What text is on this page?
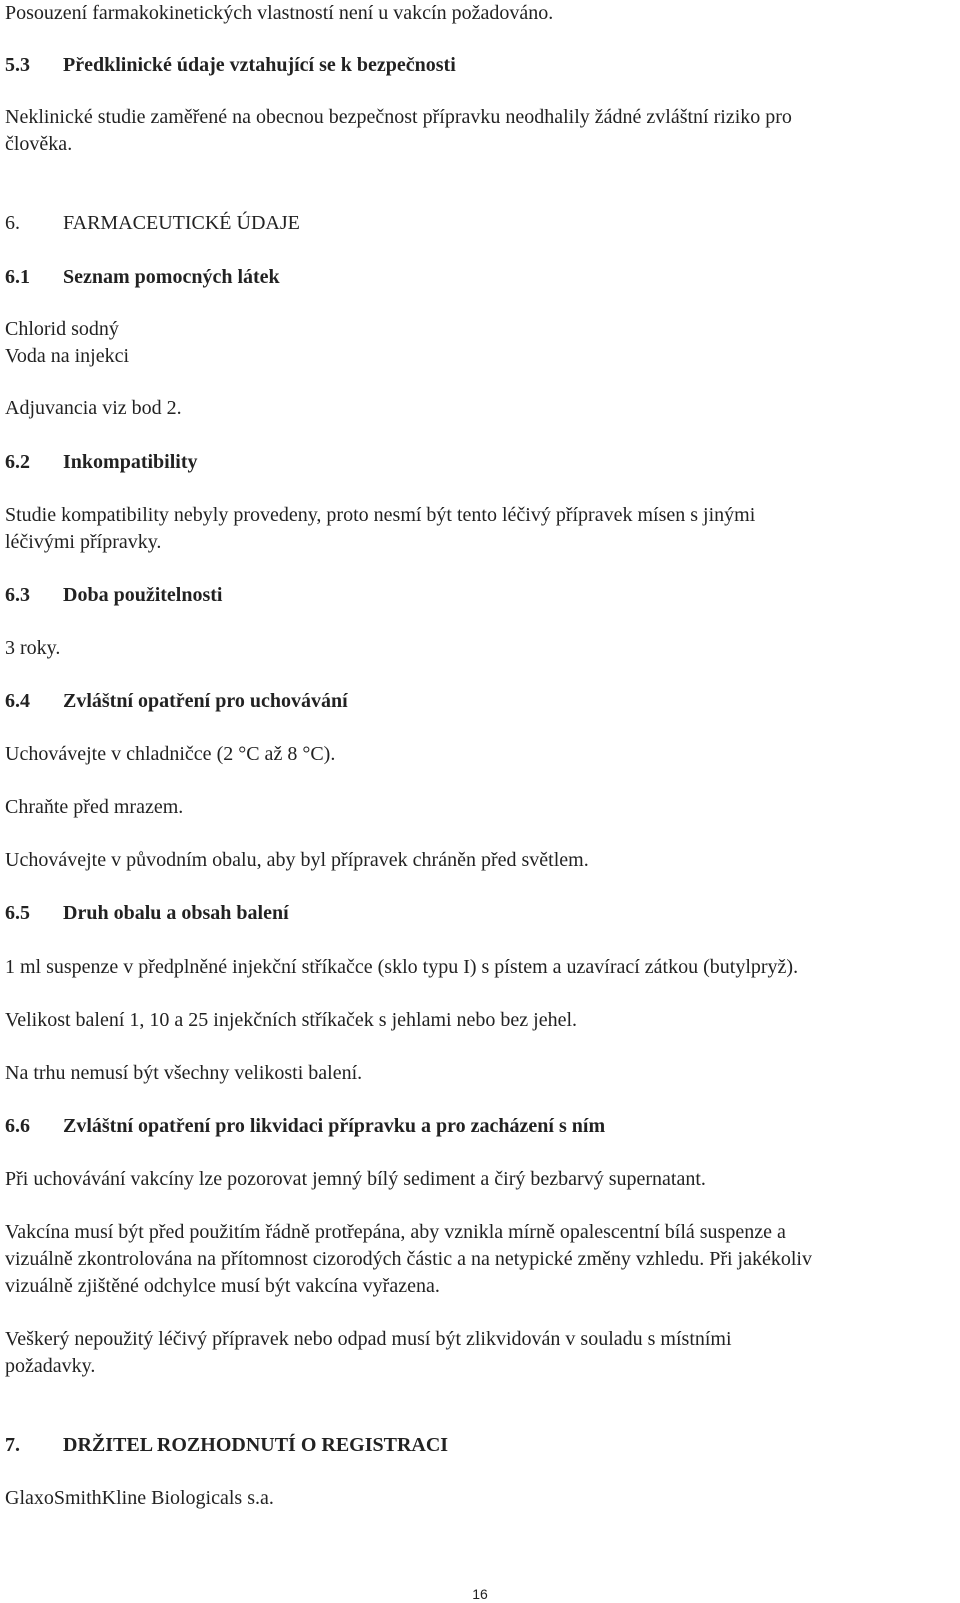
Posouzení farmakokinetických vlastností není u vakcín požadováno.
5.3 Předklinické údaje vztahující se k bezpečnosti
Neklinické studie zaměřené na obecnou bezpečnost přípravku neodhalily žádné zvláštní riziko pro
člověka.
6. FARMACEUTICKÉ ÚDAJE
6.1 Seznam pomocných látek
Chlorid sodný
Voda na injekci
Adjuvancia viz bod 2.
6.2 Inkompatibility
Studie kompatibility nebyly provedeny, proto nesmí být tento léčivý přípravek mísen s jinými
léčivými přípravky.
6.3 Doba použitelnosti
3 roky.
6.4 Zvláštní opatření pro uchovávání
Uchovávejte v chladničce (2 °C až 8 °C).
Chraňte před mrazem.
Uchovávejte v původním obalu, aby byl přípravek chráněn před světlem.
6.5 Druh obalu a obsah balení
1 ml suspenze v předplněné injekční stříkačce (sklo typu I) s pístem a uzavírací zátkou (butylpryž).
Velikost balení 1, 10 a 25 injekčních stříkaček s jehlami nebo bez jehel.
Na trhu nemusí být všechny velikosti balení.
6.6 Zvláštní opatření pro likvidaci přípravku a pro zacházení s ním
Při uchovávání vakcíny lze pozorovat jemný bílý sediment a čirý bezbarvý supernatant.
Vakcína musí být před použitím řádně protřepána, aby vznikla mírně opalescentní bílá suspenze a
vizuálně zkontrolována na přítomnost cizorodých částic a na netypické změny vzhledu. Při jakékoliv
vizuálně zjištěné odchylce musí být vakcína vyřazena.
Veškerý nepoužitý léčivý přípravek nebo odpad musí být zlikvidován v souladu s místními
požadavky.
7. DRŽITEL ROZHODNUTÍ O REGISTRACI
GlaxoSmithKline Biologicals s.a.
16
